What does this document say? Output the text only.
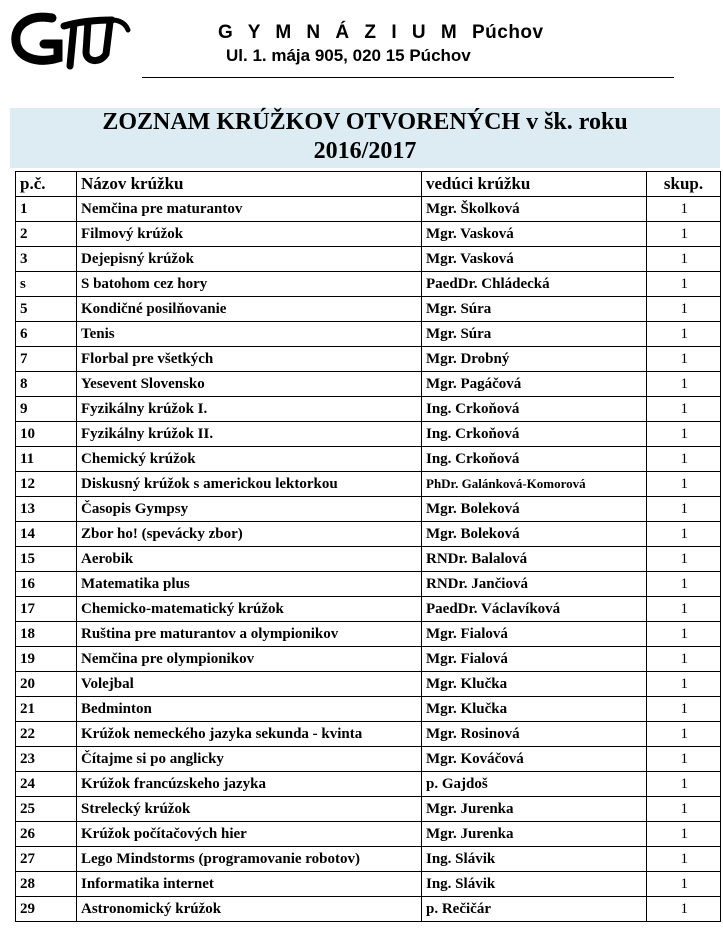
G Y M N Á Z I U M Púchov
Ul. 1. mája 905, 020 15 Púchov
ZOZNAM KRÚŽKOV OTVORENÝCH v šk. roku
2016/2017
p.č.	Názov krúžku	vedúci krúžku	skup.
1	Nemčina pre maturantov	Mgr. Školková	1
2	Filmový krúžok	Mgr. Vasková	1
3	Dejepisný krúžok	Mgr. Vasková	1
s	S batohom cez hory	PaedDr. Chládecká	1
5	Kondičné posilňovanie	Mgr. Súra	1
6	Tenis	Mgr. Súra	1
7	Florbal pre všetkých	Mgr. Drobný	1
8	Yesevent Slovensko	Mgr. Pagáčová	1
9	Fyzikálny krúžok I.	Ing. Crkoňová	1
10	Fyzikálny krúžok II.	Ing. Crkoňová	1
11	Chemický krúžok	Ing. Crkoňová	1
12	Diskusný krúžok s americkou lektorkou	PhDr. Galánková-Komorová	1
13	Časopis Gympsy	Mgr. Boleková	1
14	Zbor ho! (spevácky zbor)	Mgr. Boleková	1
15	Aerobik	RNDr. Balalová	1
16	Matematika plus	RNDr. Jančiová	1
17	Chemicko-matematický krúžok	PaedDr. Václavíková	1
18	Ruština pre maturantov a olympionikov	Mgr. Fialová	1
19	Nemčina pre olympionikov	Mgr. Fialová	1
20	Volejbal	Mgr. Klučka	1
21	Bedminton	Mgr. Klučka	1
22	Krúžok nemeckého jazyka sekunda - kvinta	Mgr. Rosinová	1
23	Čítajme si po anglicky	Mgr. Kováčová	1
24	Krúžok francúzskeho jazyka	p. Gajdoš	1
25	Strelecký krúžok	Mgr. Jurenka	1
26	Krúžok počítačových hier	Mgr. Jurenka	1
27	Lego Mindstorms (programovanie robotov)	Ing. Slávik	1
28	Informatika internet	Ing. Slávik	1
29	Astronomický krúžok	p. Rečičár	1
